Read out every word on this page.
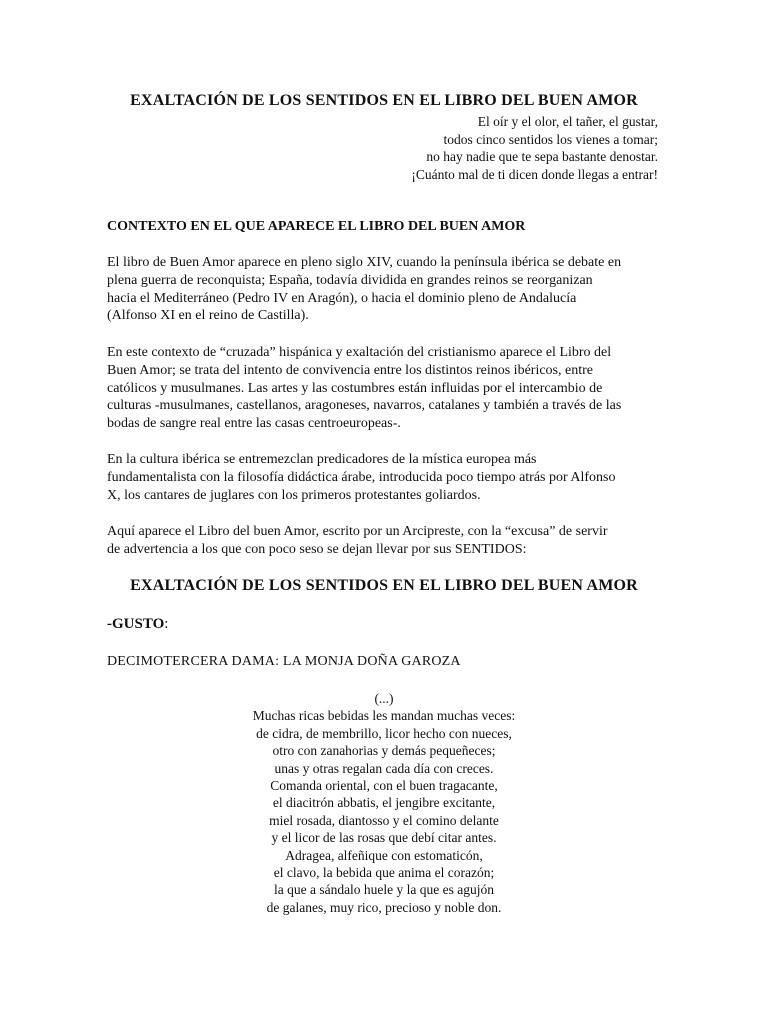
EXALTACIÓN DE LOS SENTIDOS EN EL LIBRO DEL BUEN AMOR
El oír y el olor, el tañer, el gustar,
todos cinco sentidos los vienes a tomar;
no hay nadie que te sepa bastante denostar.
¡Cuánto mal de ti dicen donde llegas a entrar!
CONTEXTO EN EL QUE APARECE EL LIBRO DEL BUEN AMOR
El libro de Buen Amor aparece en pleno siglo XIV, cuando la península ibérica se debate en
plena guerra de reconquista; España, todavía dividida en grandes reinos se reorganizan
hacia el Mediterráneo (Pedro IV en Aragón), o hacia el dominio pleno de Andalucía
(Alfonso XI en el reino de Castilla).
En este contexto de “cruzada” hispánica y exaltación del cristianismo aparece el Libro del
Buen Amor; se trata del intento de convivencia entre los distintos reinos ibéricos, entre
católicos y musulmanes. Las artes y las costumbres están influidas por el intercambio de
culturas -musulmanes, castellanos, aragoneses, navarros, catalanes y también a través de las
bodas de sangre real entre las casas centroeuropeas-.
En la cultura ibérica se entremezclan predicadores de la mística europea más
fundamentalista con la filosofía didáctica árabe, introducida poco tiempo atrás por Alfonso
X, los cantares de juglares con los primeros protestantes goliardos.
Aquí aparece el Libro del buen Amor, escrito por un Arcipreste, con la “excusa” de servir
de advertencia a los que con poco seso se dejan llevar por sus SENTIDOS:
EXALTACIÓN DE LOS SENTIDOS EN EL LIBRO DEL BUEN AMOR
-GUSTO:
DECIMOTERCERA DAMA: LA MONJA DOÑA GAROZA
(...)
Muchas ricas bebidas les mandan muchas veces:
de cidra, de membrillo, licor hecho con nueces,
otro con zanahorias y demás pequeñeces;
unas y otras regalan cada día con creces.
Comanda oriental, con el buen tragacante,
el diacitrón abbatis, el jengibre excitante,
miel rosada, diantosso y el comino delante
y el licor de las rosas que debí citar antes.
Adragea, alfeñique con estomaticón,
el clavo, la bebida que anima el corazón;
la que a sándalo huele y la que es agujón
de galanes, muy rico, precioso y noble don.
